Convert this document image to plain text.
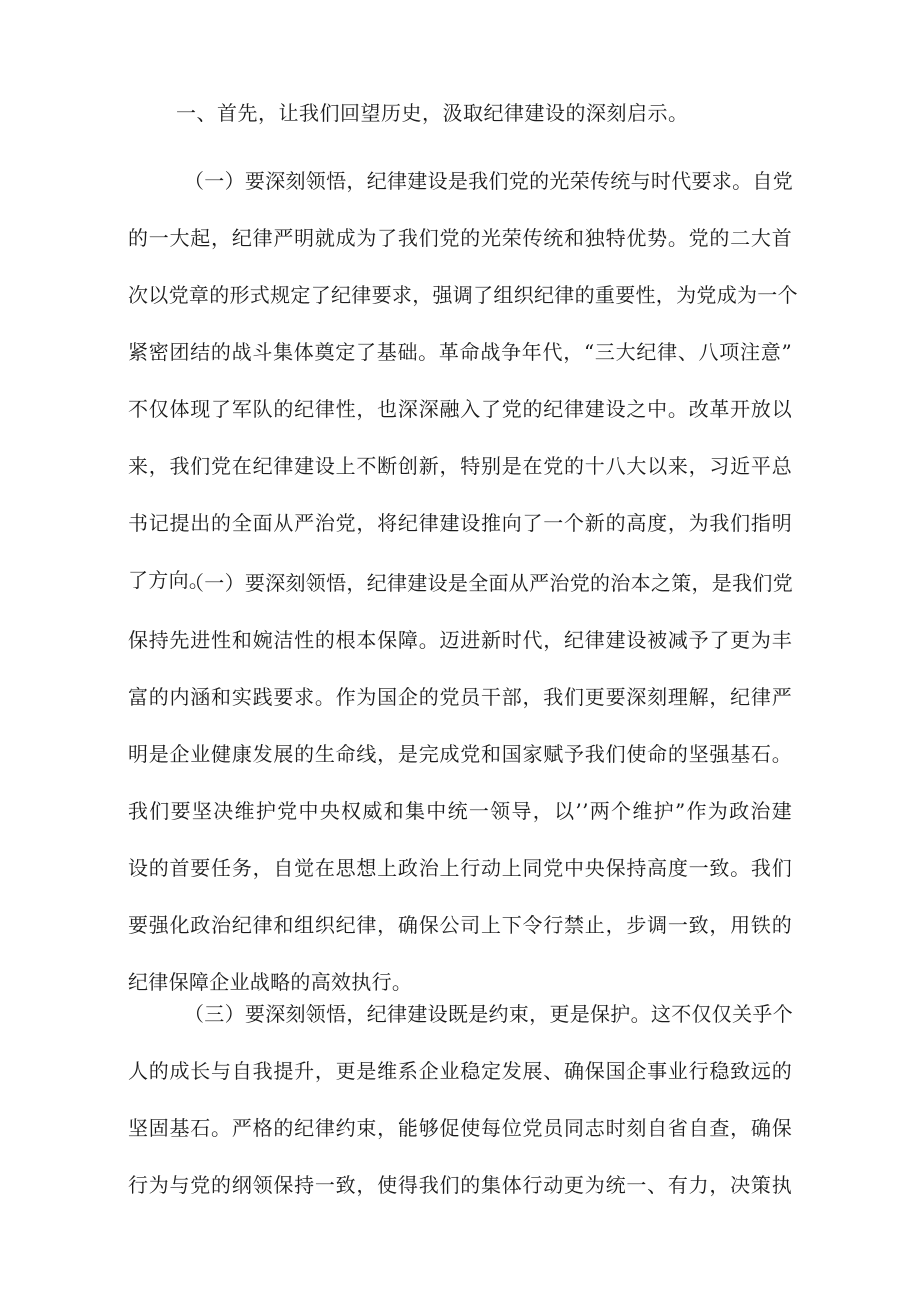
一、首先，让我们回望历史，汲取纪律建设的深刻启示。
（一）要深刻领悟，纪律建设是我们党的光荣传统与时代要求。自党
的一大起，纪律严明就成为了我们党的光荣传统和独特优势。党的二大首
次以党章的形式规定了纪律要求，强调了组织纪律的重要性，为党成为一个
紧密团结的战斗集体奠定了基础。革命战争年代，“三大纪律、八项注意”
不仅体现了军队的纪律性，也深深融入了党的纪律建设之中。改革开放以
来，我们党在纪律建设上不断创新，特别是在党的十八大以来，习近平总
书记提出的全面从严治党，将纪律建设推向了一个新的高度，为我们指明
了方向。
（一）要深刻领悟，纪律建设是全面从严治党的治本之策，是我们党
保持先进性和婉洁性的根本保障。迈进新时代，纪律建设被减予了更为丰
富的内涵和实践要求。作为国企的党员干部，我们更要深刻理解，纪律严
明是企业健康发展的生命线，是完成党和国家赋予我们使命的坚强基石。
我们要坚决维护党中央权威和集中统一领导，以’’两个维护”作为政治建
设的首要任务，自觉在思想上政治上行动上同党中央保持高度一致。我们
要强化政治纪律和组织纪律，确保公司上下令行禁止，步调一致，用铁的
纪律保障企业战略的高效执行。
（三）要深刻领悟，纪律建设既是约束，更是保护。这不仅仅关乎个
人的成长与自我提升，更是维系企业稳定发展、确保国企事业行稳致远的
坚固基石。严格的纪律约束，能够促使每位党员同志时刻自省自查，确保
行为与党的纲领保持一致，使得我们的集体行动更为统一、有力，决策执
